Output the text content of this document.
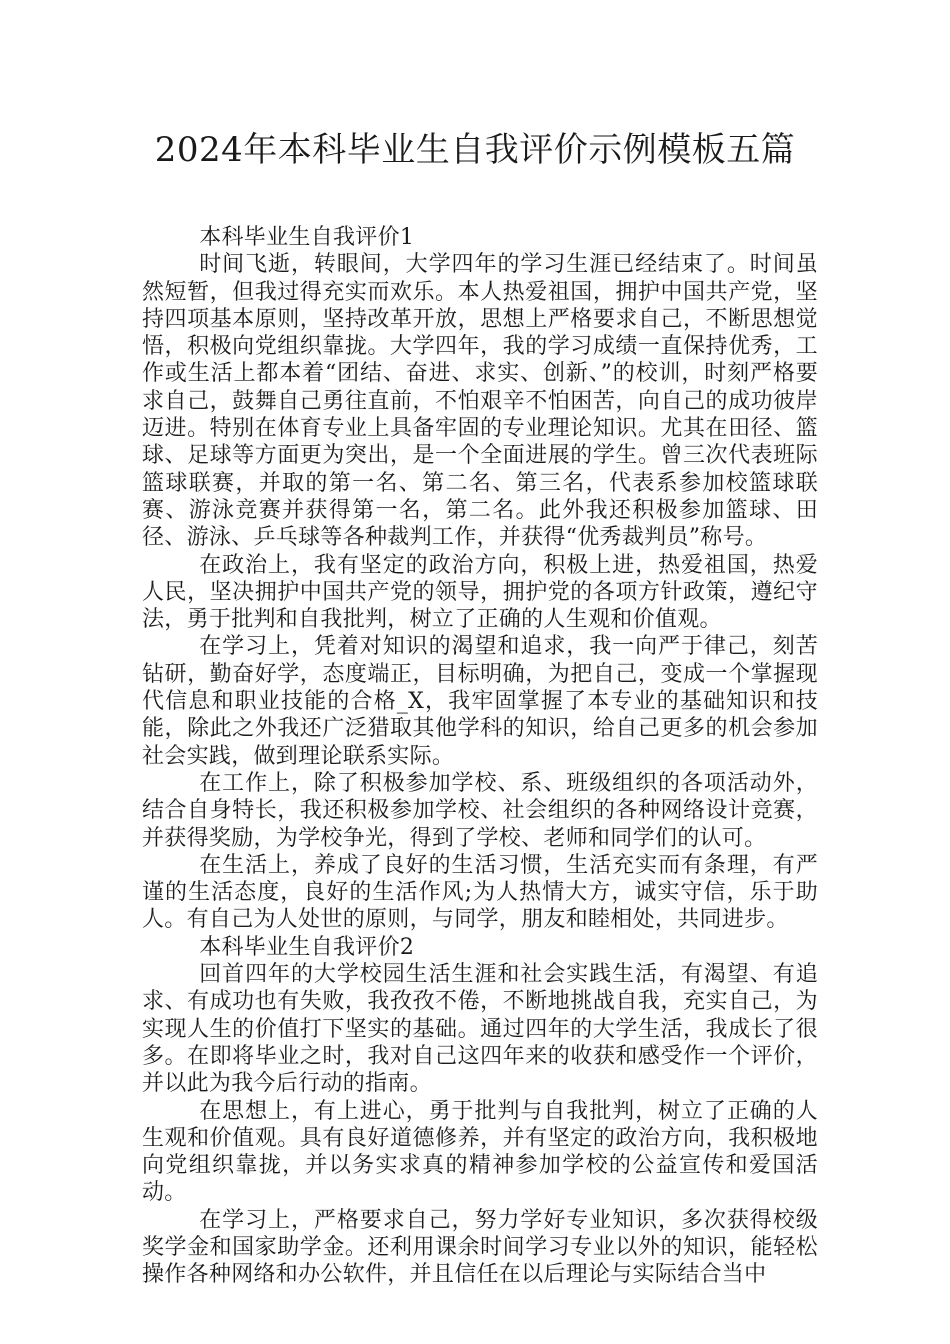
2024年本科毕业生自我评价示例模板五篇

本科毕业生自我评价1

时间飞逝，转眼间，大学四年的学习生涯已经结束了。时间虽然短暂，但我过得充实而欢乐。本人热爱祖国，拥护中国共产党，坚持四项基本原则，坚持改革开放，思想上严格要求自己，不断思想觉悟，积极向党组织靠拢。大学四年，我的学习成绩一直保持优秀，工作或生活上都本着“团结、奋进、求实、创新、”的校训，时刻严格要求自己，鼓舞自己勇往直前，不怕艰辛不怕困苦，向自己的成功彼岸迈进。特别在体育专业上具备牢固的专业理论知识。尤其在田径、篮球、足球等方面更为突出，是一个全面进展的学生。曾三次代表班际篮球联赛，并取的第一名、第二名、第三名，代表系参加校篮球联赛、游泳竞赛并获得第一名，第二名。此外我还积极参加篮球、田径、游泳、乒乓球等各种裁判工作，并获得“优秀裁判员”称号。

在政治上，我有坚定的政治方向，积极上进，热爱祖国，热爱人民，坚决拥护中国共产党的领导，拥护党的各项方针政策，遵纪守法，勇于批判和自我批判，树立了正确的人生观和价值观。

在学习上，凭着对知识的渴望和追求，我一向严于律己，刻苦钻研，勤奋好学，态度端正，目标明确，为把自己，变成一个掌握现代信息和职业技能的合格_X，我牢固掌握了本专业的基础知识和技能，除此之外我还广泛猎取其他学科的知识，给自己更多的机会参加社会实践，做到理论联系实际。

在工作上，除了积极参加学校、系、班级组织的各项活动外，结合自身特长，我还积极参加学校、社会组织的各种网络设计竞赛，并获得奖励，为学校争光，得到了学校、老师和同学们的认可。

在生活上，养成了良好的生活习惯，生活充实而有条理，有严谨的生活态度，良好的生活作风;为人热情大方，诚实守信，乐于助人。有自己为人处世的原则，与同学，朋友和睦相处，共同进步。

本科毕业生自我评价2

回首四年的大学校园生活生涯和社会实践生活，有渴望、有追求、有成功也有失败，我孜孜不倦，不断地挑战自我，充实自己，为实现人生的价值打下坚实的基础。通过四年的大学生活，我成长了很多。在即将毕业之时，我对自己这四年来的收获和感受作一个评价，并以此为我今后行动的指南。

在思想上，有上进心，勇于批判与自我批判，树立了正确的人生观和价值观。具有良好道德修养，并有坚定的政治方向，我积极地向党组织靠拢，并以务实求真的精神参加学校的公益宣传和爱国活动。

在学习上，严格要求自己，努力学好专业知识，多次获得校级奖学金和国家助学金。还利用课余时间学习专业以外的知识，能轻松操作各种网络和办公软件，并且信任在以后理论与实际结合当中
